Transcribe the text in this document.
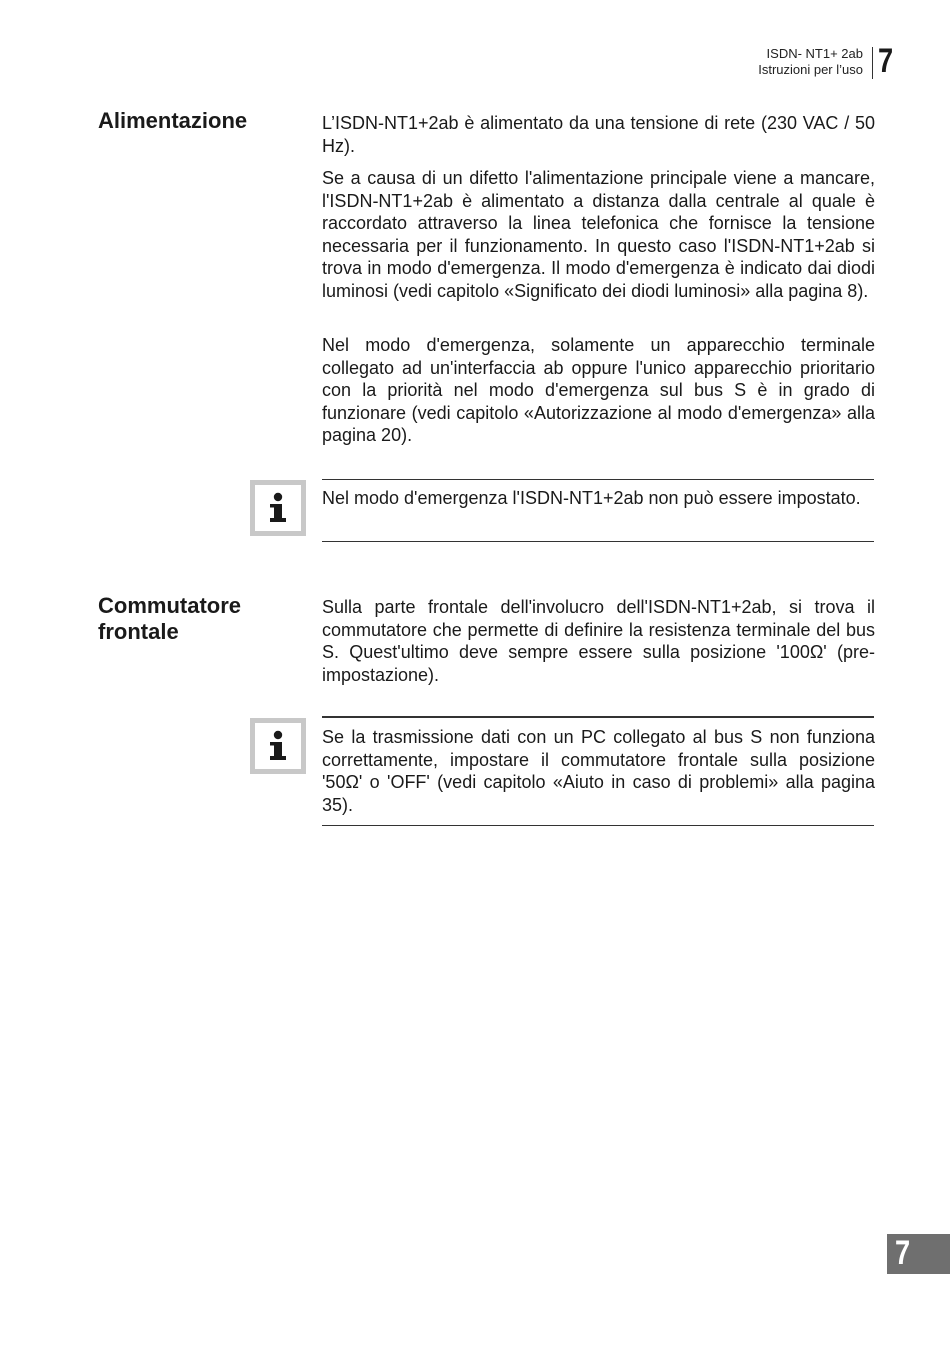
ISDN- NT1+ 2ab
Istruzioni per l’uso 7
Alimentazione	L’ISDN-NT1+2ab è alimentato da una tensione di rete (230 VAC / 50 Hz).
Se a causa di un difetto l'alimentazione principale viene a mancare, l'ISDN-NT1+2ab è alimentato a distanza dalla centrale al quale è raccordato attraverso la linea telefonica che fornisce la tensione necessaria per il funzionamento. In questo caso l'ISDN-NT1+2ab si trova in modo d'emergenza. Il modo d'emergenza è indicato dai diodi luminosi (vedi capitolo «Significato dei diodi luminosi» alla pagina 8).
Nel modo d'emergenza, solamente un apparecchio terminale collegato ad un'interfaccia ab oppure l'unico apparecchio prioritario con la priorità nel modo d'emergenza sul bus S è in grado di funzionare (vedi capitolo «Autorizzazione al modo d'emergenza» alla pagina 20).
Nel modo d'emergenza l'ISDN-NT1+2ab non può essere impostato.
Commutatore frontale
Sulla parte frontale dell'involucro dell'ISDN-NT1+2ab, si trova il commutatore che permette di definire la resistenza terminale del bus S. Quest'ultimo deve sempre essere sulla posizione '100Ω' (pre-impostazione).
Se la trasmissione dati con un PC collegato al bus S non funziona correttamente, impostare il commutatore frontale sulla posizione '50Ω' o 'OFF' (vedi capitolo «Aiuto in caso di problemi» alla pagina 35).
7
